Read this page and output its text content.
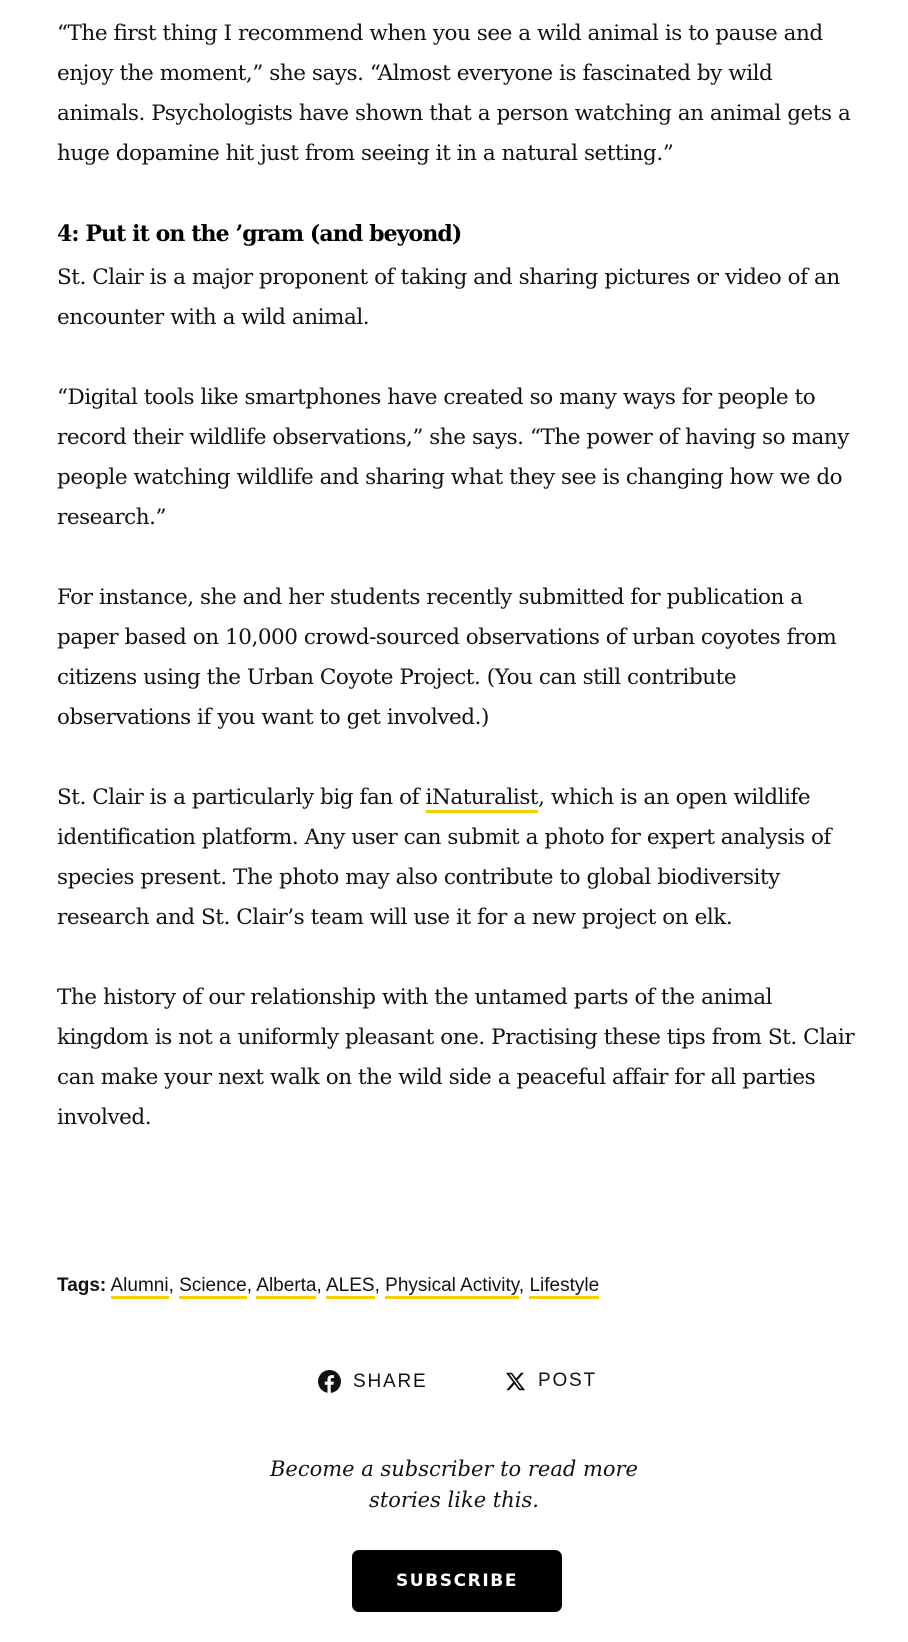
“The first thing I recommend when you see a wild animal is to pause and enjoy the moment,” she says. “Almost everyone is fascinated by wild animals. Psychologists have shown that a person watching an animal gets a huge dopamine hit just from seeing it in a natural setting.”

4: Put it on the ’gram (and beyond)

St. Clair is a major proponent of taking and sharing pictures or video of an encounter with a wild animal.

“Digital tools like smartphones have created so many ways for people to record their wildlife observations,” she says. “The power of having so many people watching wildlife and sharing what they see is changing how we do research.”

For instance, she and her students recently submitted for publication a paper based on 10,000 crowd-sourced observations of urban coyotes from citizens using the Urban Coyote Project. (You can still contribute observations if you want to get involved.)

St. Clair is a particularly big fan of iNaturalist, which is an open wildlife identification platform. Any user can submit a photo for expert analysis of species present. The photo may also contribute to global biodiversity research and St. Clair’s team will use it for a new project on elk.

The history of our relationship with the untamed parts of the animal kingdom is not a uniformly pleasant one. Practising these tips from St. Clair can make your next walk on the wild side a peaceful affair for all parties involved.

Tags: Alumni, Science, Alberta, ALES, Physical Activity, Lifestyle
SHARE	POST
Become a subscriber to read more
stories like this.
SUBSCRIBE
